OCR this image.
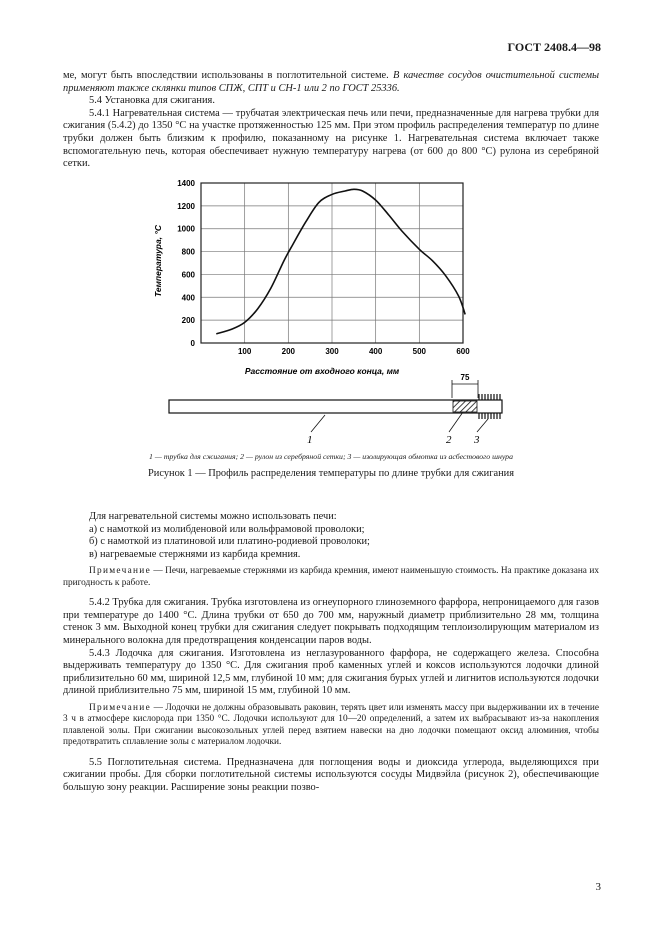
ГОСТ 2408.4—98

ме, могут быть впоследствии использованы в поглотительной системе. В качестве сосудов очистительной системы применяют также склянки типов СПЖ, СПТ и СН-1 или 2 по ГОСТ 25336.

5.4 Установка для сжигания.

5.4.1 Нагревательная система — трубчатая электрическая печь или печи, предназначенные для нагрева трубки для сжигания (5.4.2) до 1350 °С на участке протяженностью 125 мм. При этом профиль распределения температур по длине трубки должен быть близким к профилю, показанному на рисунке 1. Нагревательная система включает также вспомогательную печь, которая обеспечивает нужную температуру нагрева (от 600 до 800 °С) рулона из серебряной сетки.

0
200
400
600
800
1000
1200
1400
100	200	300	400	500	600
Температура, °С
Расстояние от входного конца, мм
75
1	2 3

1 — трубка для сжигания; 2 — рулон из серебряной сетки; 3 — изолирующая обмотка из асбестового шнура

Рисунок 1 — Профиль распределения температуры по длине трубки для сжигания

Для нагревательной системы можно использовать печи:

а) с намоткой из молибденовой или вольфрамовой проволоки;

б) с намоткой из платиновой или платино-родиевой проволоки;

в) нагреваемые стержнями из карбида кремния.

Примечание — Печи, нагреваемые стержнями из карбида кремния, имеют наименьшую стоимость. На практике доказана их пригодность к работе.

5.4.2 Трубка для сжигания. Трубка изготовлена из огнеупорного глиноземного фарфора, непроницаемого для газов при температуре до 1400 °С. Длина трубки от 650 до 700 мм, наружный диаметр приблизительно 28 мм, толщина стенок 3 мм. Выходной конец трубки для сжигания следует покрывать подходящим теплоизолирующим материалом из минерального волокна для предотвращения конденсации паров воды.

5.4.3 Лодочка для сжигания. Изготовлена из неглазурованного фарфора, не содержащего железа. Способна выдерживать температуру до 1350 °С. Для сжигания проб каменных углей и коксов используются лодочки длиной приблизительно 60 мм, шириной 12,5 мм, глубиной 10 мм; для сжигания бурых углей и лигнитов используются лодочки длиной приблизительно 75 мм, шириной 15 мм, глубиной 10 мм.

Примечание — Лодочки не должны образовывать раковин, терять цвет или изменять массу при выдерживании их в течение 3 ч в атмосфере кислорода при 1350 °С. Лодочки используют для 10—20 определений, а затем их выбрасывают из-за накопления плавленой золы. При сжигании высокозольных углей перед взятием навески на дно лодочки помещают оксид алюминия, чтобы предотвратить сплавление золы с материалом лодочки.

5.5 Поглотительная система. Предназначена для поглощения воды и диоксида углерода, выделяющихся при сжигании пробы. Для сборки поглотительной системы используются сосуды Мидвэйла (рисунок 2), обеспечивающие большую зону реакции. Расширение зоны реакции позво-

3
